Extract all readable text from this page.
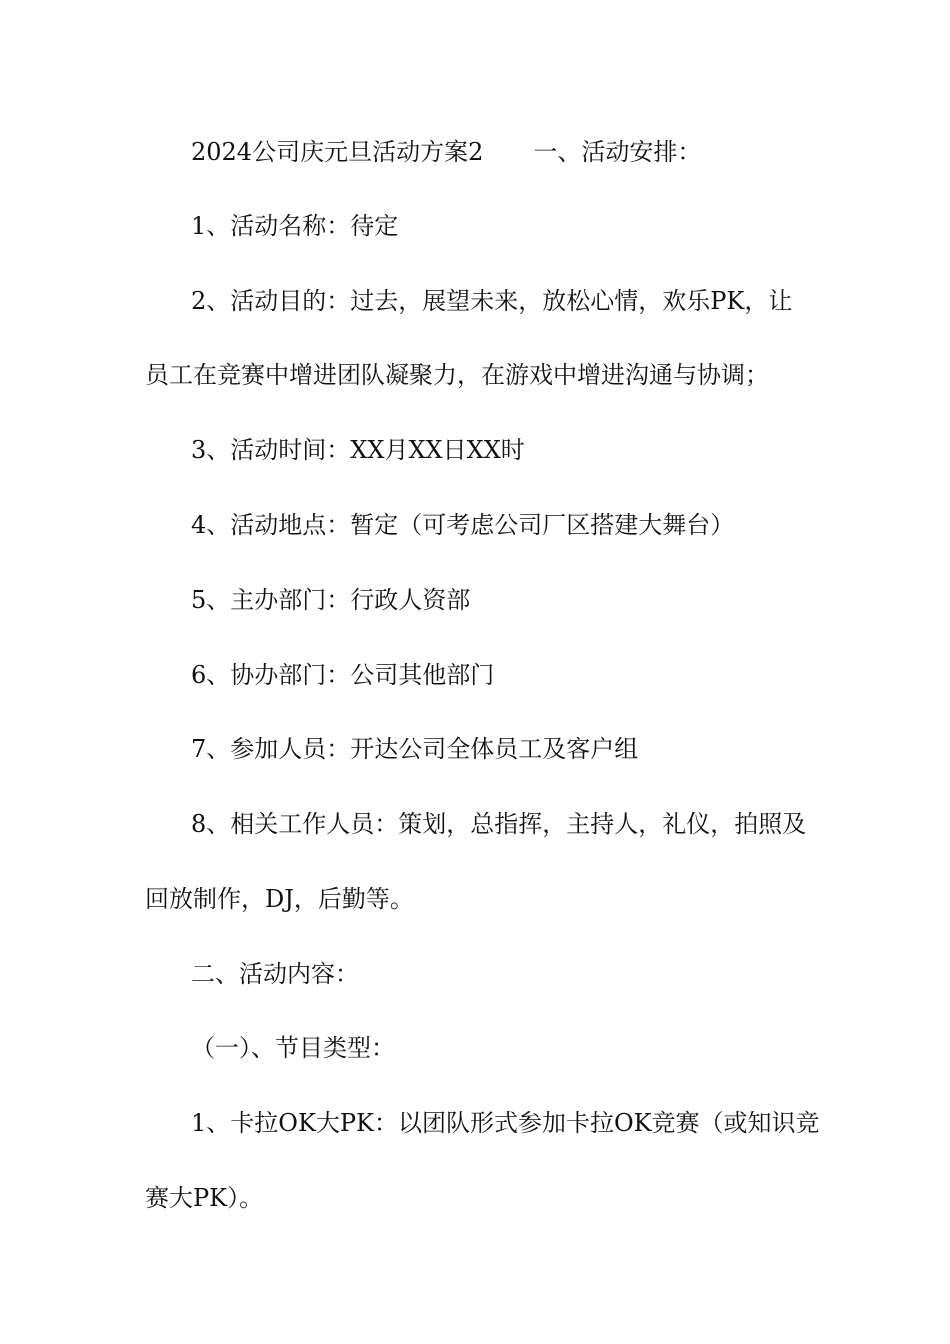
2024公司庆元旦活动方案2 一、活动安排：

1、活动名称：待定

2、活动目的：过去，展望未来，放松心情，欢乐PK，让

员工在竞赛中增进团队凝聚力，在游戏中增进沟通与协调；

3、活动时间：XX月XX日XX时

4、活动地点：暂定（可考虑公司厂区搭建大舞台）

5、主办部门：行政人资部

6、协办部门：公司其他部门

7、参加人员：开达公司全体员工及客户组

8、相关工作人员：策划，总指挥，主持人，礼仪，拍照及

回放制作，DJ，后勤等。

二、活动内容：

（一）、节目类型：

1、卡拉OK大PK：以团队形式参加卡拉OK竞赛（或知识竞

赛大PK）。
